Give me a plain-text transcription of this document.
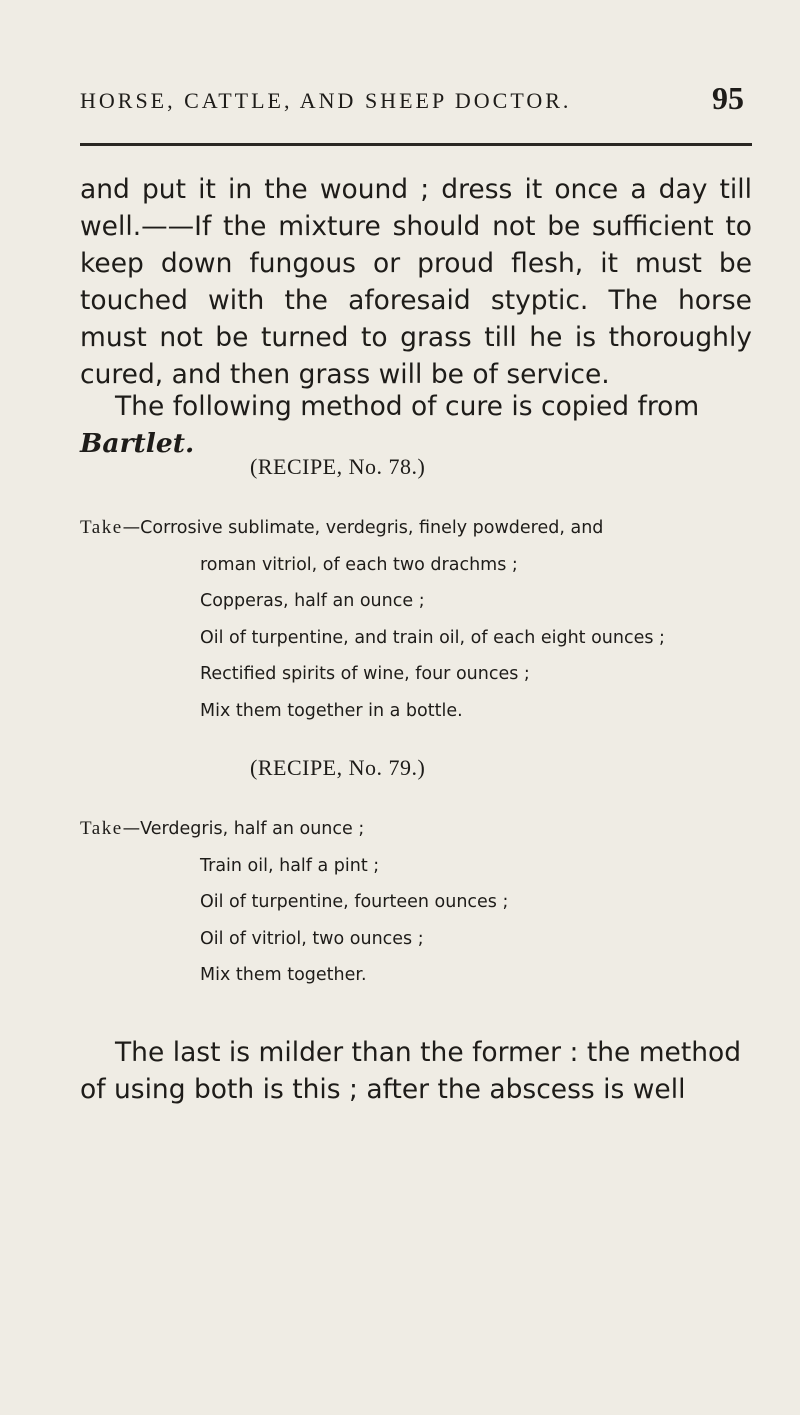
HORSE, CATTLE, AND SHEEP DOCTOR.	95

and put it in the wound ; dress it once a day till well.——If the mixture should not be sufficient to keep down fungous or proud flesh, it must be touched with the aforesaid styptic. The horse must not be turned to grass till he is thoroughly cured, and then grass will be of service.

The following method of cure is copied from Bartlet.

(RECIPE, No. 78.)
Take—Corrosive sublimate, verdegris, finely powdered, and
roman vitriol, of each two drachms ;
Copperas, half an ounce ;
Oil of turpentine, and train oil, of each eight ounces ;
Rectified spirits of wine, four ounces ;
Mix them together in a bottle.
(RECIPE, No. 79.)
Take—Verdegris, half an ounce ;
Train oil, half a pint ;
Oil of turpentine, fourteen ounces ;
Oil of vitriol, two ounces ;
Mix them together.

The last is milder than the former : the method of using both is this ; after the abscess is well
